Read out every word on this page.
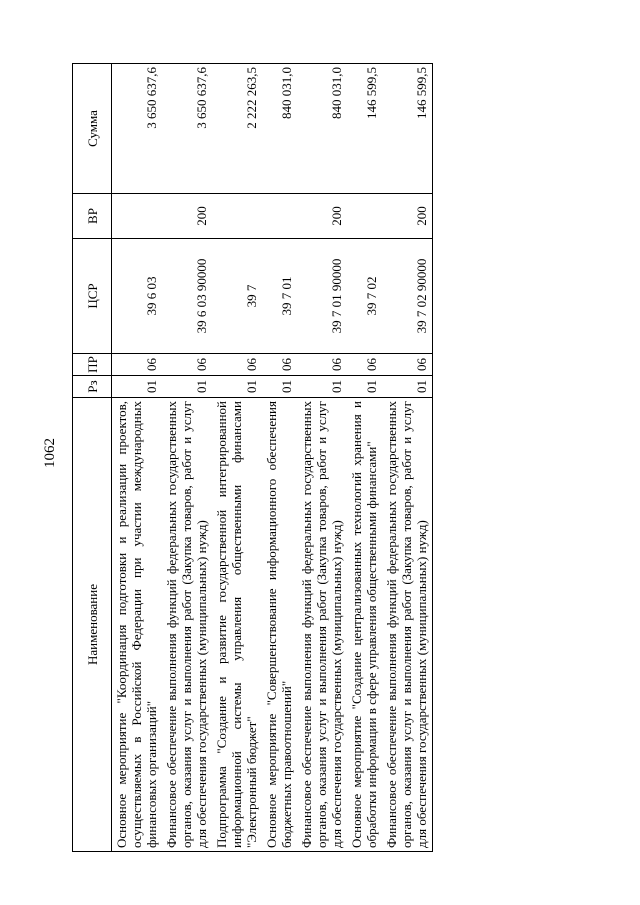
1062
Наименование	Рз	ПР	ЦСР	ВР	Сумма
Основное мероприятие "Координация подготовки и реализации проектов, осуществляемых в Российской Федерации при участии международных финансовых организаций"	01	06	39 6 03		3 650 637,6
Финансовое обеспечение выполнения функций федеральных государственных органов, оказания услуг и выполнения работ (Закупка товаров, работ и услуг для обеспечения государственных (муниципальных) нужд)	01	06	39 6 03 90000	200	3 650 637,6
Подпрограмма "Создание и развитие государственной интегрированной информационной системы управления общественными финансами "Электронный бюджет"	01	06	39 7		2 222 263,5
Основное мероприятие "Совершенствование информационного обеспечения бюджетных правоотношений"	01	06	39 7 01		840 031,0
Финансовое обеспечение выполнения функций федеральных государственных органов, оказания услуг и выполнения работ (Закупка товаров, работ и услуг для обеспечения государственных (муниципальных) нужд)	01	06	39 7 01 90000	200	840 031,0
Основное мероприятие "Создание централизованных технологий хранения и обработки информации в сфере управления общественными финансами"	01	06	39 7 02		146 599,5
Финансовое обеспечение выполнения функций федеральных государственных органов, оказания услуг и выполнения работ (Закупка товаров, работ и услуг для обеспечения государственных (муниципальных) нужд)	01	06	39 7 02 90000	200	146 599,5
